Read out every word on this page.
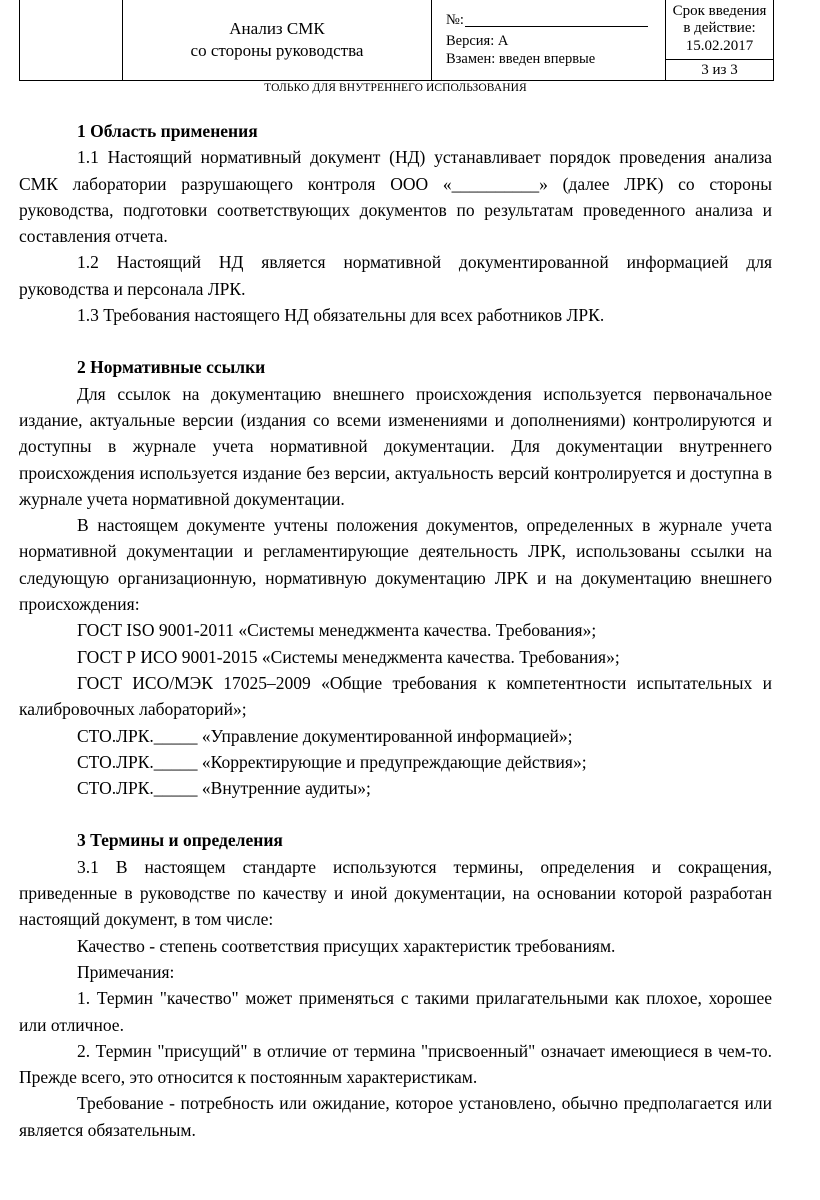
Анализ СМК
со стороны руководства
№:
Версия: А
Взамен: введен впервые
Срок введения
в действие:
15.02.2017
3 из 3
ТОЛЬКО ДЛЯ ВНУТРЕННЕГО ИСПОЛЬЗОВАНИЯ

1 Область применения

1.1 Настоящий нормативный документ (НД) устанавливает порядок проведения анализа СМК лаборатории разрушающего контроля ООО «__________» (далее ЛРК) со стороны руководства, подготовки соответствующих документов по результатам проведенного анализа и составления отчета.

1.2 Настоящий НД является нормативной документированной информацией для руководства и персонала ЛРК.

1.3 Требования настоящего НД обязательны для всех работников ЛРК.

2 Нормативные ссылки

Для ссылок на документацию внешнего происхождения используется первоначальное издание, актуальные версии (издания со всеми изменениями и дополнениями) контролируются и доступны в журнале учета нормативной документации. Для документации внутреннего происхождения используется издание без версии, актуальность версий контролируется и доступна в журнале учета нормативной документации.

В настоящем документе учтены положения документов, определенных в журнале учета нормативной документации и регламентирующие деятельность ЛРК, использованы ссылки на следующую организационную, нормативную документацию ЛРК и на документацию внешнего происхождения:

ГОСТ ISO 9001-2011 «Системы менеджмента качества. Требования»;

ГОСТ Р ИСО 9001-2015 «Системы менеджмента качества. Требования»;

ГОСТ ИСО/МЭК 17025–2009 «Общие требования к компетентности испытательных и калибровочных лабораторий»;

СТО.ЛРК._____ «Управление документированной информацией»;

СТО.ЛРК._____ «Корректирующие и предупреждающие действия»;

СТО.ЛРК._____ «Внутренние аудиты»;

3 Термины и определения

3.1 В настоящем стандарте используются термины, определения и сокращения, приведенные в руководстве по качеству и иной документации, на основании которой разработан настоящий документ, в том числе:

Качество - степень соответствия присущих характеристик требованиям.

Примечания:

1. Термин "качество" может применяться с такими прилагательными как плохое, хорошее или отличное.

2. Термин "присущий" в отличие от термина "присвоенный" означает имеющиеся в чем-то. Прежде всего, это относится к постоянным характеристикам.

Требование - потребность или ожидание, которое установлено, обычно предполагается или является обязательным.
